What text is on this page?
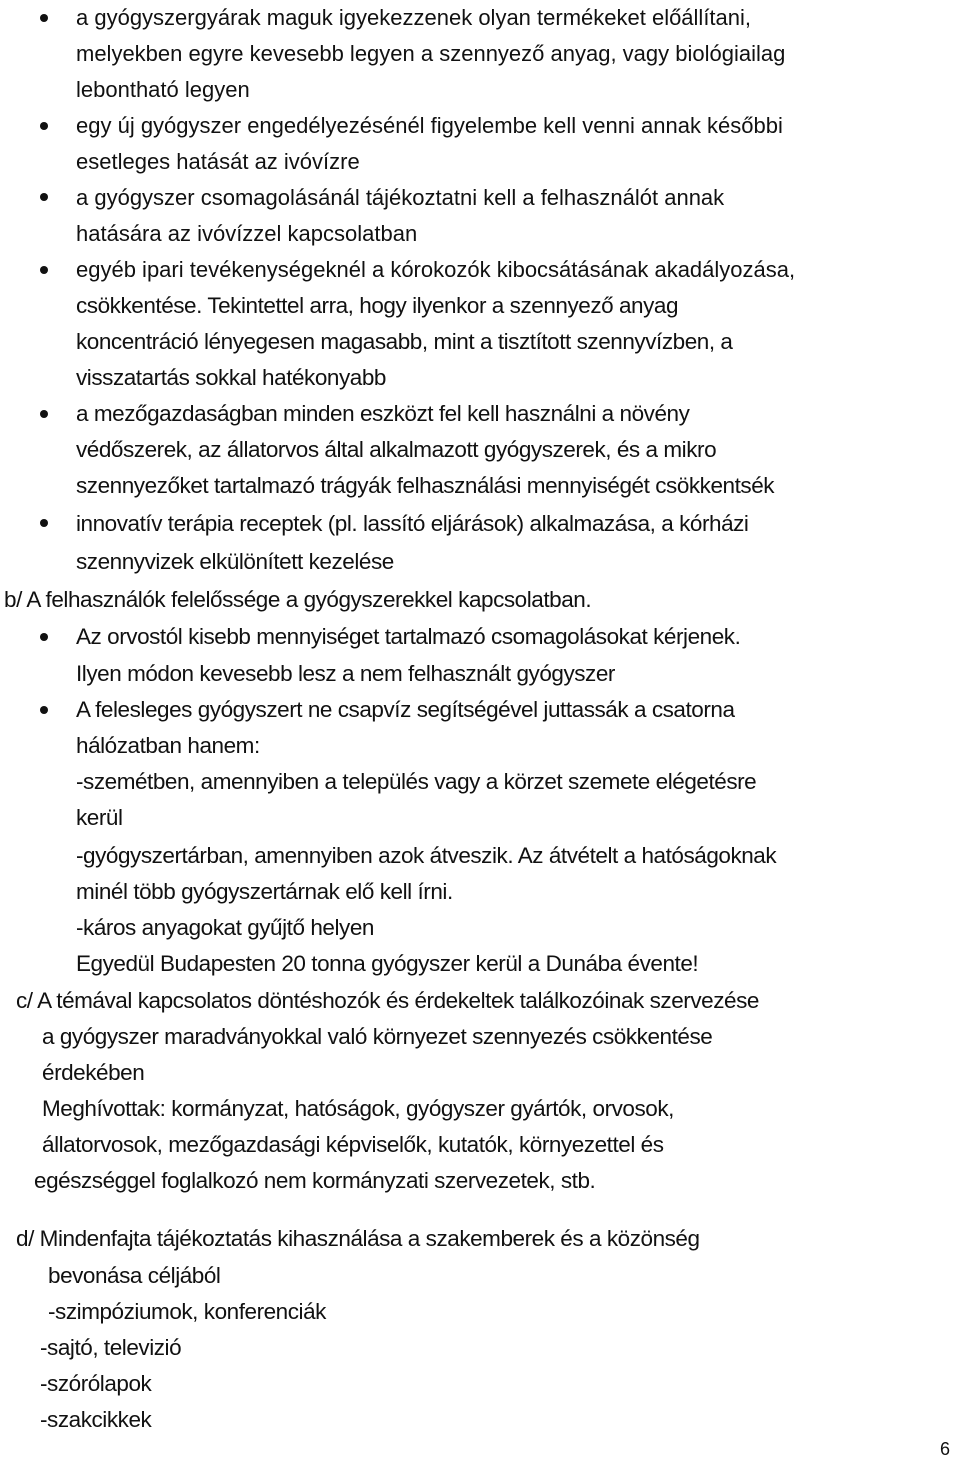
a gyógyszergyárak maguk igyekezzenek olyan termékeket előállítani,
melyekben egyre kevesebb legyen a szennyező anyag, vagy biológiailag
lebontható legyen
egy új gyógyszer engedélyezésénél figyelembe kell venni annak későbbi
esetleges hatását az ivóvízre
a gyógyszer csomagolásánál tájékoztatni kell a felhasználót annak
hatására az ivóvízzel kapcsolatban
egyéb ipari tevékenységeknél a kórokozók kibocsátásának akadályozása,
csökkentése. Tekintettel arra, hogy ilyenkor a szennyező anyag
koncentráció lényegesen magasabb, mint a tisztított szennyvízben, a
visszatartás sokkal hatékonyabb
a mezőgazdaságban minden eszközt fel kell használni a növény
védőszerek, az állatorvos által alkalmazott gyógyszerek, és a mikro
szennyezőket tartalmazó trágyák felhasználási mennyiségét csökkentsék
innovatív terápia receptek (pl. lassító eljárások) alkalmazása, a kórházi
szennyvizek elkülönített kezelése
b/ A felhasználók felelőssége a gyógyszerekkel kapcsolatban.
Az orvostól kisebb mennyiséget tartalmazó csomagolásokat kérjenek.
Ilyen módon kevesebb lesz a nem felhasznált gyógyszer
A felesleges gyógyszert ne csapvíz segítségével juttassák a csatorna
hálózatban hanem:
-szemétben, amennyiben a település vagy a körzet szemete elégetésre
kerül
-gyógyszertárban, amennyiben azok átveszik. Az átvételt a hatóságoknak
minél több gyógyszertárnak elő kell írni.
-káros anyagokat gyűjtő helyen
Egyedül Budapesten 20 tonna gyógyszer kerül a Dunába évente!
c/ A témával kapcsolatos döntéshozók és érdekeltek találkozóinak szervezése
a gyógyszer maradványokkal való környezet szennyezés csökkentése
érdekében
Meghívottak: kormányzat, hatóságok, gyógyszer gyártók, orvosok,
állatorvosok, mezőgazdasági képviselők, kutatók, környezettel és
egészséggel foglalkozó nem kormányzati szervezetek, stb.
d/ Mindenfajta tájékoztatás kihasználása a szakemberek és a közönség
bevonása céljából
-szimpóziumok, konferenciák
-sajtó, televizió
-szórólapok
-szakcikkek
6
